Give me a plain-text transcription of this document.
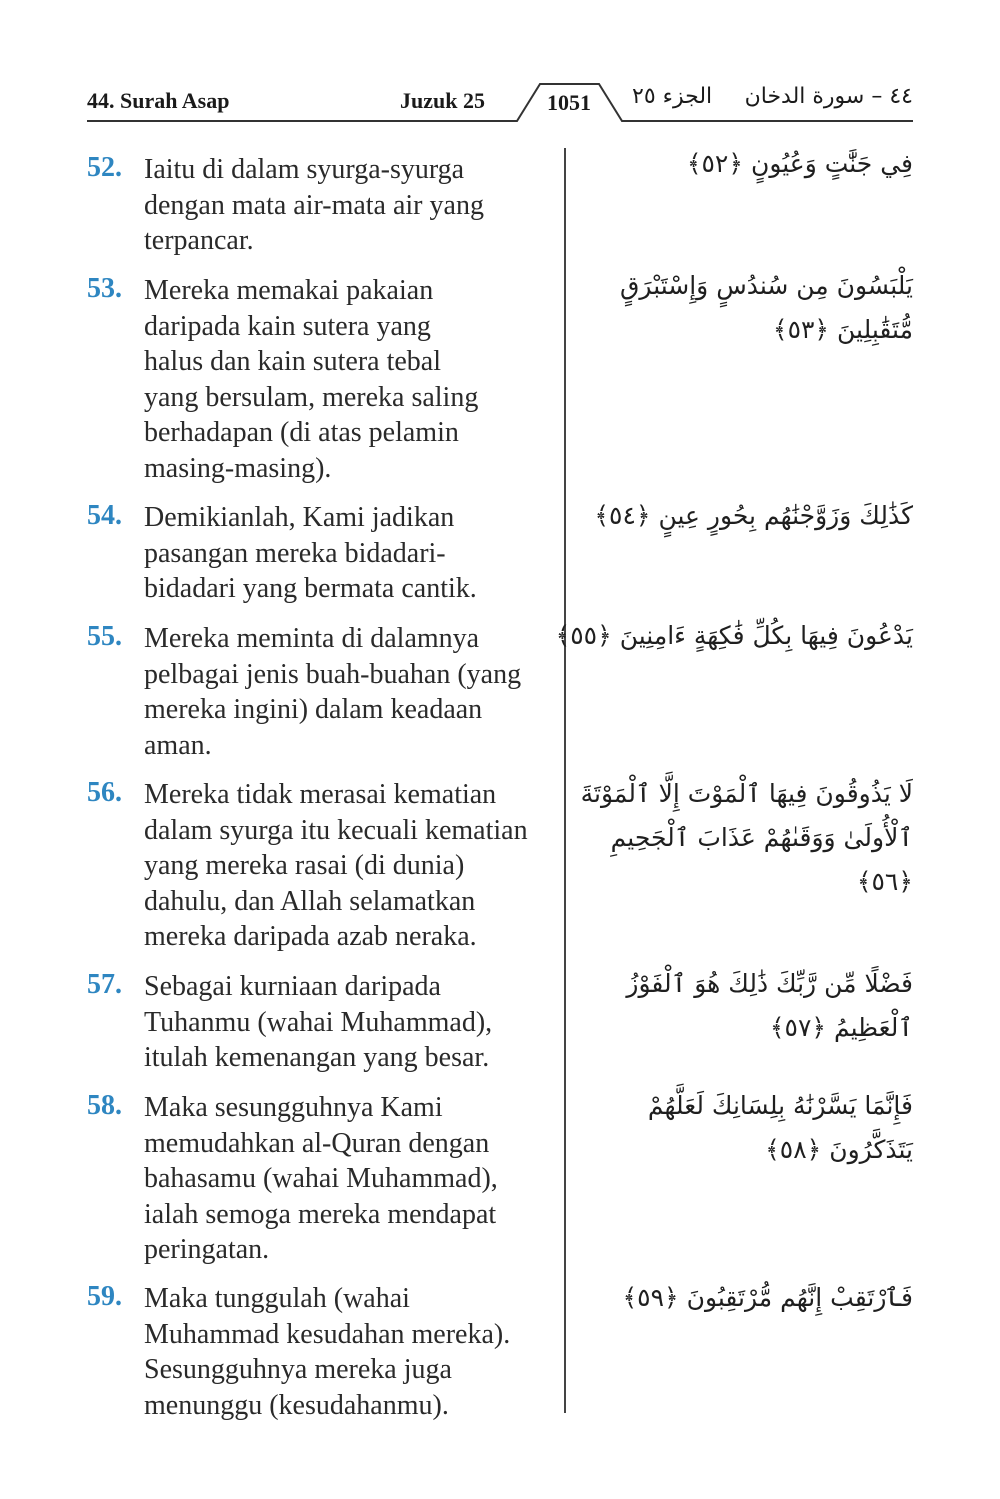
44. Surah Asap	Juzuk 25	1051	الجزء ٢٥ ٤٤ – سورة الدخان
52. Iaitu di dalam syurga-syurga
dengan mata air-mata air yang
terpancar.
فِي جَنَّٰتٍ وَعُيُونٍ ﴿٥٢﴾
53. Mereka memakai pakaian
daripada kain sutera yang
halus dan kain sutera tebal
yang bersulam, mereka saling
berhadapan (di atas pelamin
masing-masing).
يَلْبَسُونَ مِن سُندُسٍ وَإِسْتَبْرَقٍ
مُّتَقَٰبِلِينَ ﴿٥٣﴾
54. Demikianlah, Kami jadikan
pasangan mereka bidadari-
bidadari yang bermata cantik.
كَذَٰلِكَ وَزَوَّجْنَٰهُم بِحُورٍ عِينٍ ﴿٥٤﴾
55. Mereka meminta di dalamnya
pelbagai jenis buah-buahan (yang
mereka ingini) dalam keadaan
aman.
يَدْعُونَ فِيهَا بِكُلِّ فَٰكِهَةٍ ءَامِنِينَ ﴿٥٥﴾
56. Mereka tidak merasai kematian
dalam syurga itu kecuali kematian
yang mereka rasai (di dunia)
dahulu, dan Allah selamatkan
mereka daripada azab neraka.
لَا يَذُوقُونَ فِيهَا ٱلْمَوْتَ إِلَّا ٱلْمَوْتَةَ
ٱلْأُولَىٰ وَوَقَىٰهُمْ عَذَابَ ٱلْجَحِيمِ ﴿٥٦﴾
57. Sebagai kurniaan daripada
Tuhanmu (wahai Muhammad),
itulah kemenangan yang besar.
فَضْلًا مِّن رَّبِّكَ ذَٰلِكَ هُوَ ٱلْفَوْزُ ٱلْعَظِيمُ ﴿٥٧﴾
58. Maka sesungguhnya Kami
memudahkan al-Quran dengan
bahasamu (wahai Muhammad),
ialah semoga mereka mendapat
peringatan.
فَإِنَّمَا يَسَّرْنَٰهُ بِلِسَانِكَ لَعَلَّهُمْ
يَتَذَكَّرُونَ ﴿٥٨﴾
59. Maka tunggulah (wahai
Muhammad kesudahan mereka).
Sesungguhnya mereka juga
menunggu (kesudahanmu).
فَٱرْتَقِبْ إِنَّهُم مُّرْتَقِبُونَ ﴿٥٩﴾
